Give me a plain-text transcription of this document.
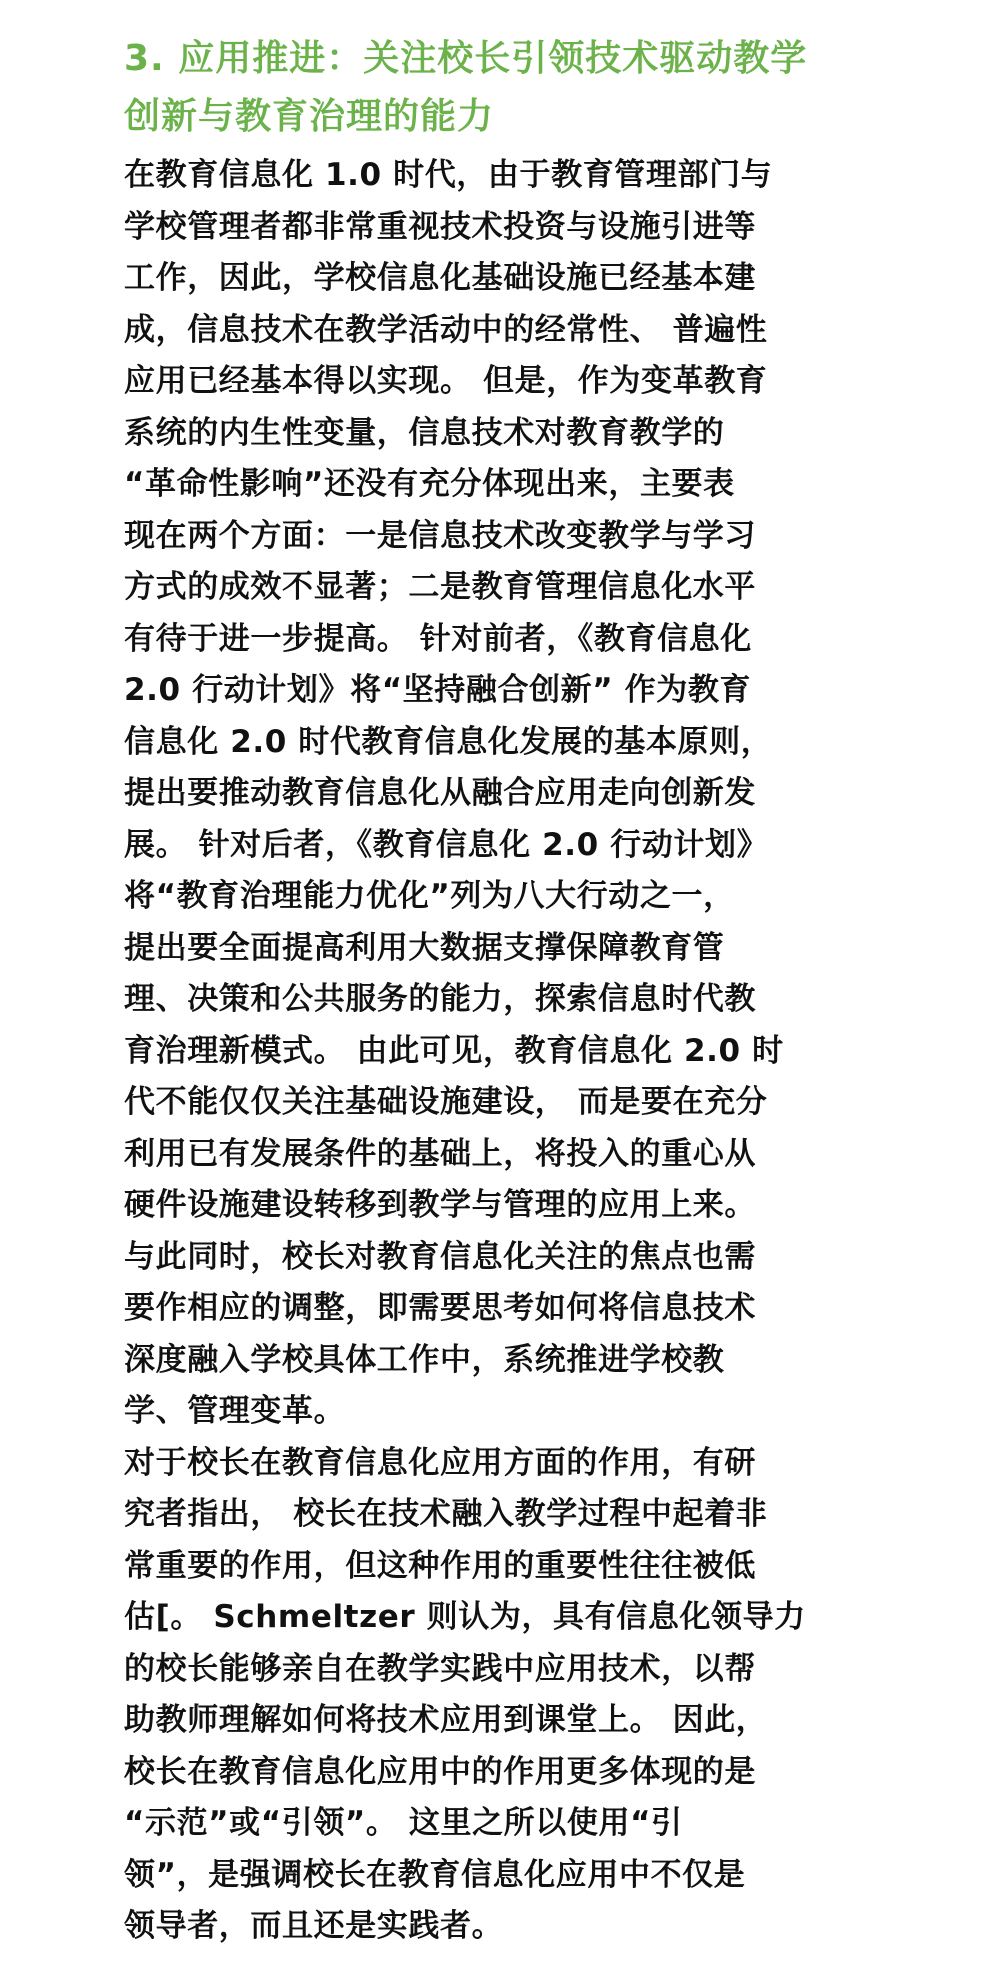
3. 应用推进：关注校长引领技术驱动教学
创新与教育治理的能力

在教育信息化 1.0 时代，由于教育管理部门与
学校管理者都非常重视技术投资与设施引进等
工作，因此，学校信息化基础设施已经基本建
成，信息技术在教学活动中的经常性、 普遍性
应用已经基本得以实现。 但是，作为变革教育
系统的内生性变量，信息技术对教育教学的
“革命性影响”还没有充分体现出来，主要表
现在两个方面：一是信息技术改变教学与学习
方式的成效不显著；二是教育管理信息化水平
有待于进一步提高。 针对前者，《教育信息化
2.0 行动计划》将“坚持融合创新” 作为教育
信息化 2.0 时代教育信息化发展的基本原则，
提出要推动教育信息化从融合应用走向创新发
展。 针对后者，《教育信息化 2.0 行动计划》
将“教育治理能力优化”列为八大行动之一，
提出要全面提高利用大数据支撑保障教育管
理、决策和公共服务的能力，探索信息时代教
育治理新模式。 由此可见，教育信息化 2.0 时
代不能仅仅关注基础设施建设， 而是要在充分
利用已有发展条件的基础上，将投入的重心从
硬件设施建设转移到教学与管理的应用上来。
与此同时，校长对教育信息化关注的焦点也需
要作相应的调整，即需要思考如何将信息技术
深度融入学校具体工作中，系统推进学校教
学、管理变革。

对于校长在教育信息化应用方面的作用，有研
究者指出， 校长在技术融入教学过程中起着非
常重要的作用，但这种作用的重要性往往被低
估[。 Schmeltzer 则认为，具有信息化领导力
的校长能够亲自在教学实践中应用技术，以帮
助教师理解如何将技术应用到课堂上。 因此，
校长在教育信息化应用中的作用更多体现的是
“示范”或“引领”。 这里之所以使用“引
领”，是强调校长在教育信息化应用中不仅是
领导者，而且还是实践者。
